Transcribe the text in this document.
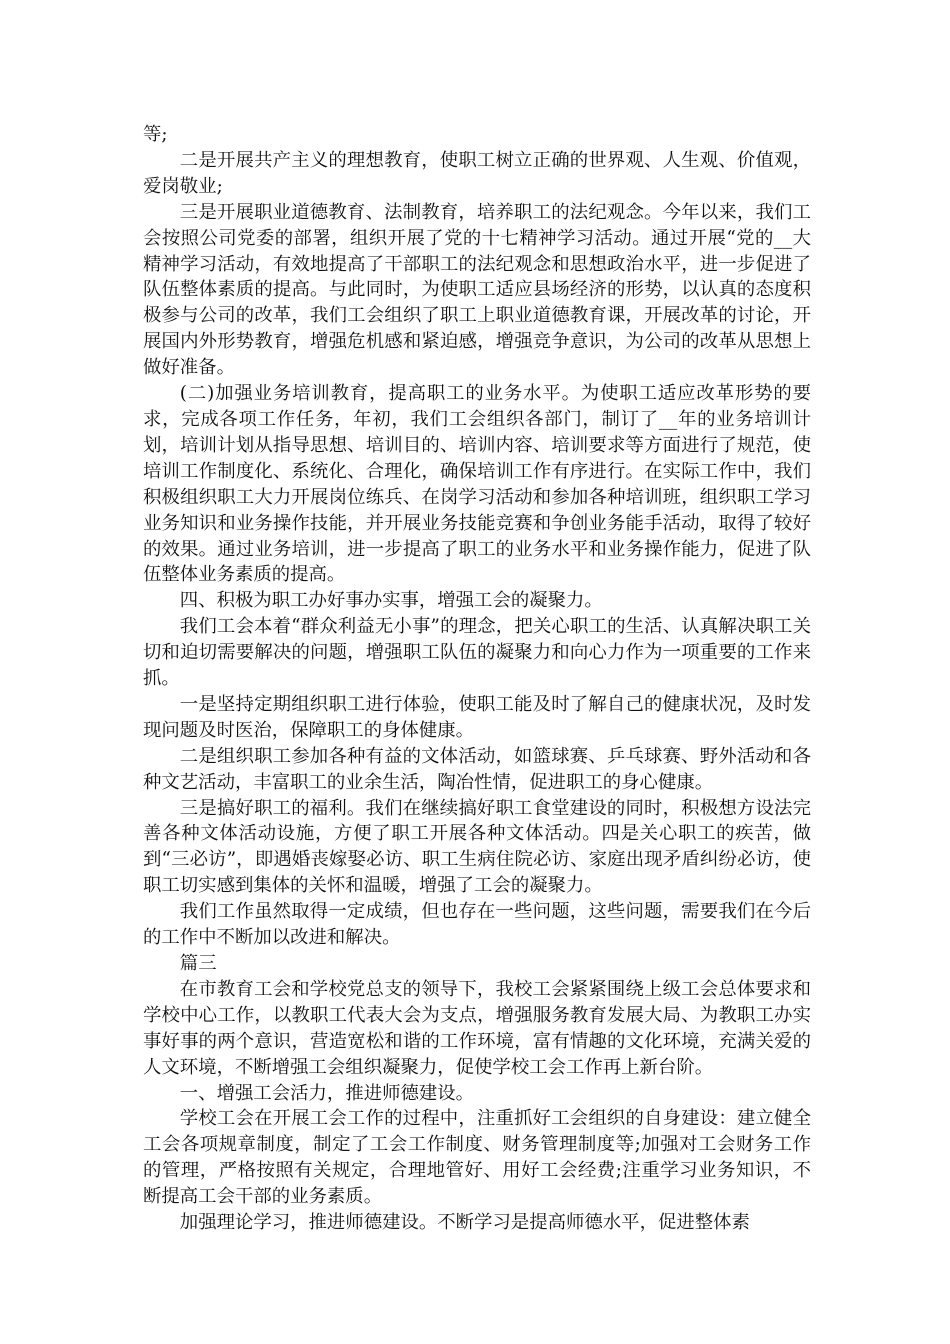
等;

二是开展共产主义的理想教育，使职工树立正确的世界观、人生观、价值观，爱岗敬业;

三是开展职业道德教育、法制教育，培养职工的法纪观念。今年以来，我们工会按照公司党委的部署，组织开展了党的十七精神学习活动。通过开展“党的__大精神学习活动，有效地提高了干部职工的法纪观念和思想政治水平，进一步促进了队伍整体素质的提高。与此同时，为使职工适应县场经济的形势，以认真的态度积极参与公司的改革，我们工会组织了职工上职业道德教育课，开展改革的讨论，开展国内外形势教育，增强危机感和紧迫感，增强竞争意识，为公司的改革从思想上做好准备。

(二)加强业务培训教育，提高职工的业务水平。为使职工适应改革形势的要求，完成各项工作任务，年初，我们工会组织各部门，制订了__年的业务培训计划，培训计划从指导思想、培训目的、培训内容、培训要求等方面进行了规范，使培训工作制度化、系统化、合理化，确保培训工作有序进行。在实际工作中，我们积极组织职工大力开展岗位练兵、在岗学习活动和参加各种培训班，组织职工学习业务知识和业务操作技能，并开展业务技能竞赛和争创业务能手活动，取得了较好的效果。通过业务培训，进一步提高了职工的业务水平和业务操作能力，促进了队伍整体业务素质的提高。

四、积极为职工办好事办实事，增强工会的凝聚力。

我们工会本着“群众利益无小事”的理念，把关心职工的生活、认真解决职工关切和迫切需要解决的问题，增强职工队伍的凝聚力和向心力作为一项重要的工作来抓。

一是坚持定期组织职工进行体验，使职工能及时了解自己的健康状况，及时发现问题及时医治，保障职工的身体健康。

二是组织职工参加各种有益的文体活动，如篮球赛、乒乓球赛、野外活动和各种文艺活动，丰富职工的业余生活，陶冶性情，促进职工的身心健康。

三是搞好职工的福利。我们在继续搞好职工食堂建设的同时，积极想方设法完善各种文体活动设施，方便了职工开展各种文体活动。四是关心职工的疾苦，做到“三必访”，即遇婚丧嫁娶必访、职工生病住院必访、家庭出现矛盾纠纷必访，使职工切实感到集体的关怀和温暖，增强了工会的凝聚力。

我们工作虽然取得一定成绩，但也存在一些问题，这些问题，需要我们在今后的工作中不断加以改进和解决。

篇三

在市教育工会和学校党总支的领导下，我校工会紧紧围绕上级工会总体要求和学校中心工作，以教职工代表大会为支点，增强服务教育发展大局、为教职工办实事好事的两个意识，营造宽松和谐的工作环境，富有情趣的文化环境，充满关爱的人文环境，不断增强工会组织凝聚力，促使学校工会工作再上新台阶。

一、增强工会活力，推进师德建设。

学校工会在开展工会工作的过程中，注重抓好工会组织的自身建设：建立健全工会各项规章制度，制定了工会工作制度、财务管理制度等;加强对工会财务工作的管理，严格按照有关规定，合理地管好、用好工会经费;注重学习业务知识，不断提高工会干部的业务素质。

加强理论学习，推进师德建设。不断学习是提高师德水平，促进整体素
